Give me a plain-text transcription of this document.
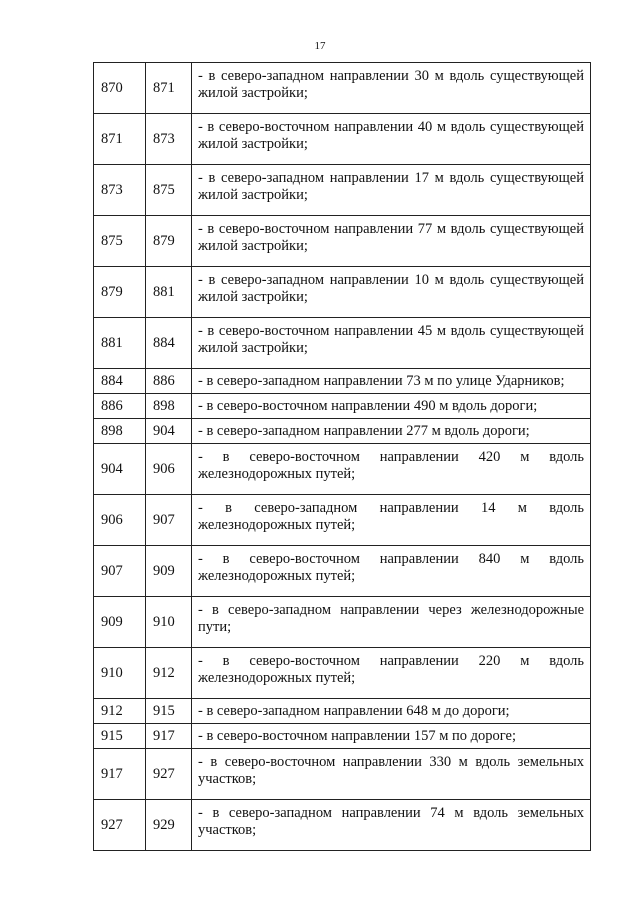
17
870	871	- в северо-западном направлении 30 м вдоль существующей жилой застройки;
871	873	- в северо-восточном направлении 40 м вдоль существующей жилой застройки;
873	875	- в северо-западном направлении 17 м вдоль существующей жилой застройки;
875	879	- в северо-восточном направлении 77 м вдоль существующей жилой застройки;
879	881	- в северо-западном направлении 10 м вдоль существующей жилой застройки;
881	884	- в северо-восточном направлении 45 м вдоль существующей жилой застройки;
884	886	- в северо-западном направлении 73 м по улице Ударников;
886	898	- в северо-восточном направлении 490 м вдоль дороги;
898	904	- в северо-западном направлении 277 м вдоль дороги;
904	906	- в северо-восточном направлении 420 м вдоль железнодорожных путей;
906	907	- в северо-западном направлении 14 м вдоль железнодорожных путей;
907	909	- в северо-восточном направлении 840 м вдоль железнодорожных путей;
909	910	- в северо-западном направлении через железнодорожные пути;
910	912	- в северо-восточном направлении 220 м вдоль железнодорожных путей;
912	915	- в северо-западном направлении 648 м до дороги;
915	917	- в северо-восточном направлении 157 м по дороге;
917	927	- в северо-восточном направлении 330 м вдоль земельных участков;
927	929	- в северо-западном направлении 74 м вдоль земельных участков;
